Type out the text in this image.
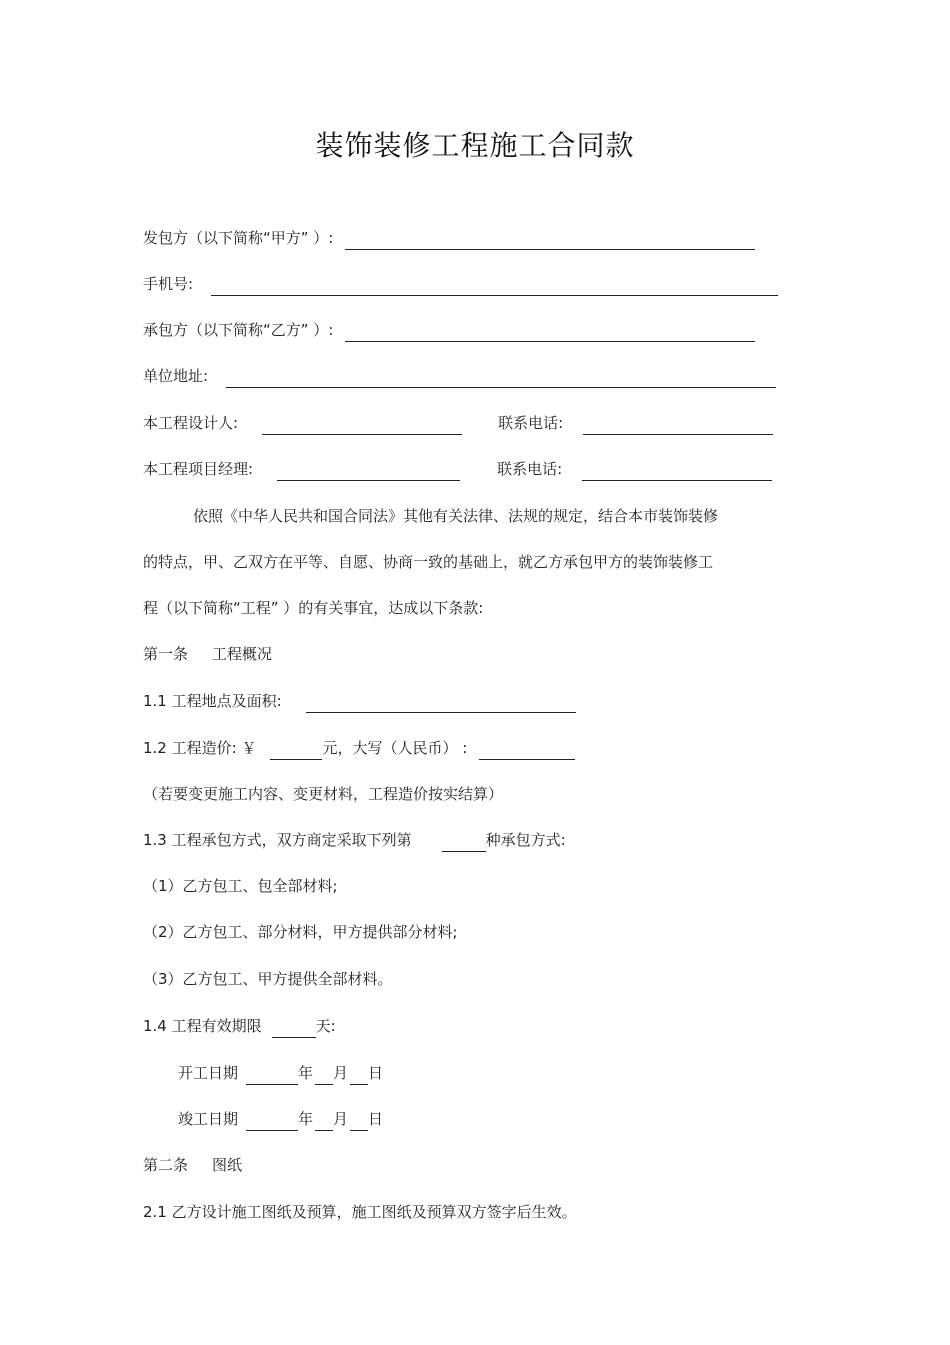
装饰装修工程施工合同款
发包方（以下简称“甲方” ）:
手机号:
承包方（以下简称“乙方” ）:
单位地址:
本工程设计人:	联系电话:
本工程项目经理:	联系电话:
依照《中华人民共和国合同法》其他有关法律、法规的规定，结合本市装饰装修
的特点，甲、乙双方在平等、自愿、协商一致的基础上，就乙方承包甲方的装饰装修工
程（以下简称“工程” ）的有关事宜，达成以下条款:
第一条 工程概况
1.1 工程地点及面积:
1.2 工程造价: ￥	元，大写（人民币） :
（若要变更施工内容、变更材料，工程造价按实结算）
1.3 工程承包方式，双方商定采取下列第	种承包方式:
（1）乙方包工、包全部材料;
（2）乙方包工、部分材料，甲方提供部分材料;
（3）乙方包工、甲方提供全部材料。
1.4 工程有效期限	天:
开工日期	年 月 日
竣工日期	年 月 日
第二条 图纸
2.1 乙方设计施工图纸及预算，施工图纸及预算双方签字后生效。
